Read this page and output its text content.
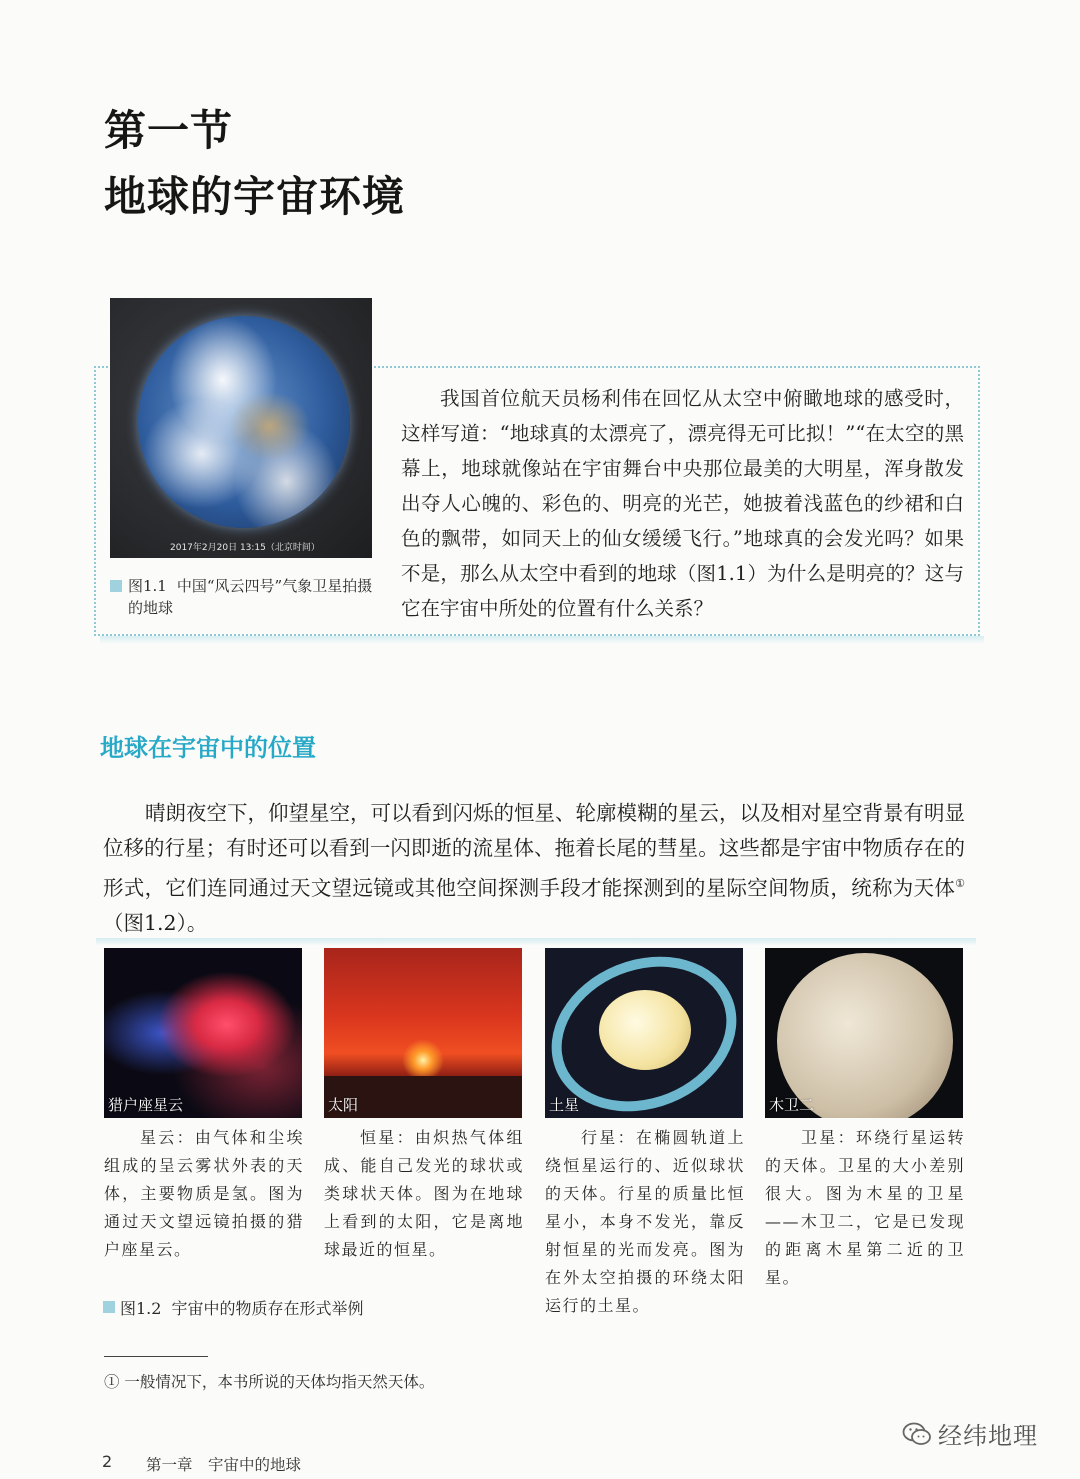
第一节
地球的宇宙环境
2017年2月20日 13:15（北京时间）
图1.1 中国“风云四号”气象卫星拍摄的地球
我国首位航天员杨利伟在回忆从太空中俯瞰地球的感受时，这样写道：“地球真的太漂亮了，漂亮得无可比拟！”“在太空的黑幕上，地球就像站在宇宙舞台中央那位最美的大明星，浑身散发出夺人心魄的、彩色的、明亮的光芒，她披着浅蓝色的纱裙和白色的飘带，如同天上的仙女缓缓飞行。”地球真的会发光吗？如果不是，那么从太空中看到的地球（图1.1）为什么是明亮的？这与它在宇宙中所处的位置有什么关系？
地球在宇宙中的位置
晴朗夜空下，仰望星空，可以看到闪烁的恒星、轮廓模糊的星云，以及相对星空背景有明显位移的行星；有时还可以看到一闪即逝的流星体、拖着长尾的彗星。这些都是宇宙中物质存在的形式，它们连同通过天文望远镜或其他空间探测手段才能探测到的星际空间物质，统称为天体①（图1.2）。
猎户座星云	太阳	土星	木卫二
星云：由气体和尘埃组成的呈云雾状外表的天体，主要物质是氢。图为通过天文望远镜拍摄的猎户座星云。
恒星：由炽热气体组成、能自己发光的球状或类球状天体。图为在地球上看到的太阳，它是离地球最近的恒星。
行星：在椭圆轨道上绕恒星运行的、近似球状的天体。行星的质量比恒星小，本身不发光，靠反射恒星的光而发亮。图为在外太空拍摄的环绕太阳运行的土星。
卫星：环绕行星运转的天体。卫星的大小差别很大。图为木星的卫星——木卫二，它是已发现的距离木星第二近的卫星。
图1.2 宇宙中的物质存在形式举例
① 一般情况下，本书所说的天体均指天然天体。
2 第一章　宇宙中的地球
经纬地理
